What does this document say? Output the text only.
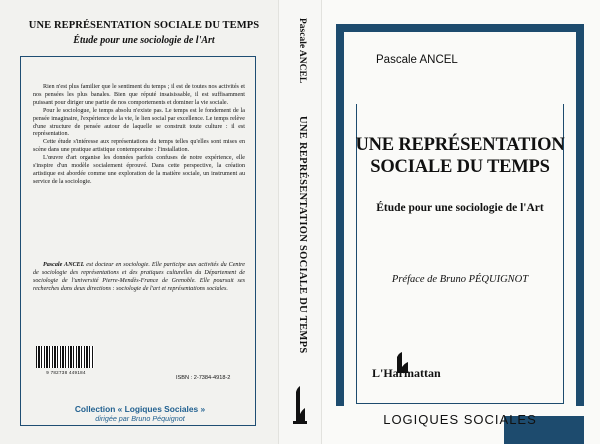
UNE REPRÉSENTATION SOCIALE DU TEMPS
Étude pour une sociologie de l'Art

Rien n'est plus familier que le sentiment du temps ; il est de toutes nos activités et nos pensées les plus banales. Bien que réputé insaisissable, il est suffisamment puissant pour diriger une partie de nos comportements et dominer la vie sociale.

Pour le sociologue, le temps absolu n'existe pas. Le temps est le fondement de la pensée imaginaire, l'expérience de la vie, le lien social par excellence. Le temps relève d'une structure de pensée autour de laquelle se construit toute culture : il est représentation.

Cette étude s'intéresse aux représentations du temps telles qu'elles sont mises en scène dans une pratique artistique contemporaine : l'installation.

L'œuvre d'art organise les données parfois confuses de notre expérience, elle s'inspire d'un modèle socialement éprouvé. Dans cette perspective, la création artistique est abordée comme une exploration de la matière sociale, un instrument au service de la sociologie.

Pascale ANCEL est docteur en sociologie. Elle participe aux activités du Centre de sociologie des représentations et des pratiques culturelles du Département de sociologie de l'université Pierre-Mendès-France de Grenoble. Elle poursuit ses recherches dans deux directions : sociologie de l'art et représentations sociales.
9 782738 449184
ISBN : 2-7384-4918-2
Collection « Logiques Sociales »
dirigée par Bruno Péquignot
Pascale ANCEL
UNE REPRÉSENTATION SOCIALE DU TEMPS
Pascale ANCEL
UNE REPRÉSENTATION
SOCIALE DU TEMPS
Étude pour une sociologie de l'Art
Préface de Bruno PÉQUIGNOT
L'Harmattan
LOGIQUES SOCIALES
